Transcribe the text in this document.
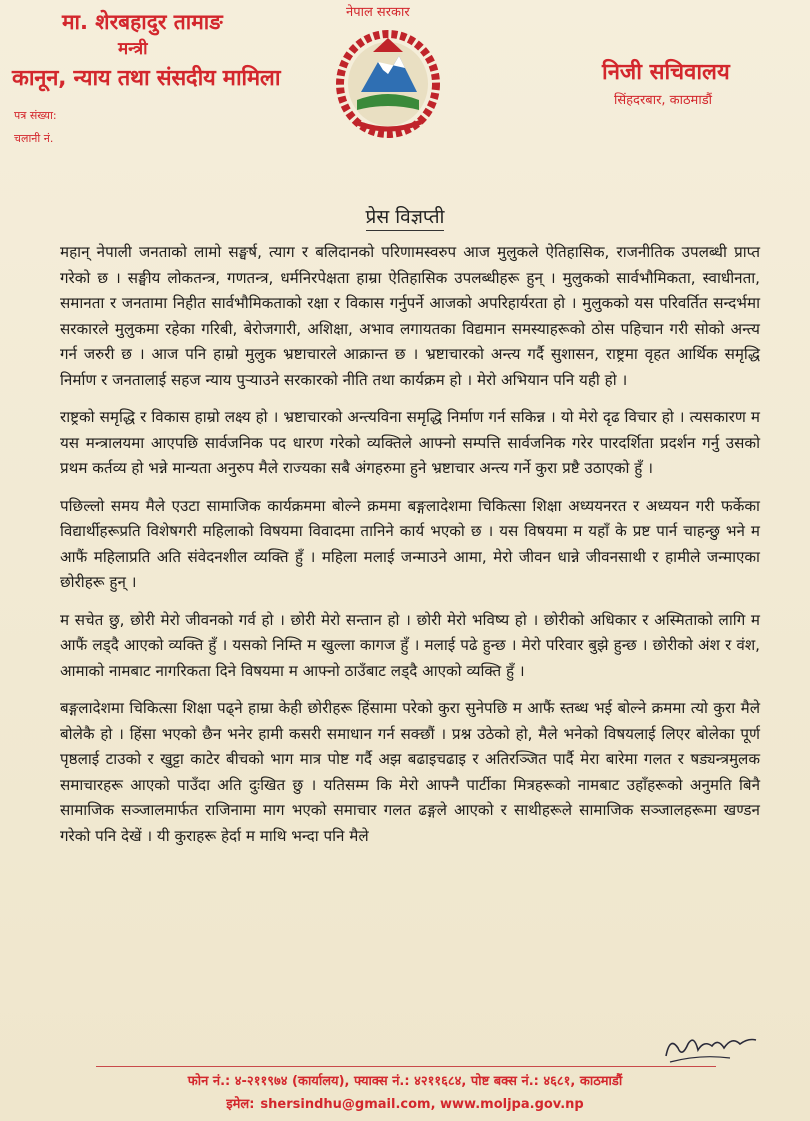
मा. शेरबहादुर तामाङ
मन्त्री
कानून, न्याय तथा संसदीय मामिला
पत्र संख्या:
चलानी नं.
नेपाल सरकार
निजी सचिवालय
सिंहदरबार, काठमाडौं
प्रेस विज्ञप्ती

महान् नेपाली जनताको लामो सङ्घर्ष, त्याग र बलिदानको परिणामस्वरुप आज मुलुकले ऐतिहासिक, राजनीतिक उपलब्धी प्राप्त गरेको छ । सङ्घीय लोकतन्त्र, गणतन्त्र, धर्मनिरपेक्षता हाम्रा ऐतिहासिक उपलब्धीहरू हुन् । मुलुकको सार्वभौमिकता, स्वाधीनता, समानता र जनतामा निहीत सार्वभौमिकताको रक्षा र विकास गर्नुपर्ने आजको अपरिहार्यरता हो । मुलुकको यस परिवर्तित सन्दर्भमा सरकारले मुलुकमा रहेका गरिबी, बेरोजगारी, अशिक्षा, अभाव लगायतका विद्यमान समस्याहरूको ठोस पहिचान गरी सोको अन्त्य गर्न जरुरी छ । आज पनि हाम्रो मुलुक भ्रष्टाचारले आक्रान्त छ । भ्रष्टाचारको अन्त्य गर्दै सुशासन, राष्ट्रमा वृहत आर्थिक समृद्धि निर्माण र जनतालाई सहज न्याय पुऱ्याउने सरकारको नीति तथा कार्यक्रम हो । मेरो अभियान पनि यही हो ।

राष्ट्रको समृद्धि र विकास हाम्रो लक्ष्य हो । भ्रष्टाचारको अन्त्यविना समृद्धि निर्माण गर्न सकिन्न । यो मेरो दृढ विचार हो । त्यसकारण म यस मन्त्रालयमा आएपछि सार्वजनिक पद धारण गरेको व्यक्तिले आफ्नो सम्पत्ति सार्वजनिक गरेर पारदर्शिता प्रदर्शन गर्नु उसको प्रथम कर्तव्य हो भन्ने मान्यता अनुरुप मैले राज्यका सबै अंगहरुमा हुने भ्रष्टाचार अन्त्य गर्ने कुरा प्रष्टै उठाएको हुँ ।

पछिल्लो समय मैले एउटा सामाजिक कार्यक्रममा बोल्ने क्रममा बङ्गलादेशमा चिकित्सा शिक्षा अध्ययनरत र अध्ययन गरी फर्केका विद्यार्थीहरूप्रति विशेषगरी महिलाको विषयमा विवादमा तानिने कार्य भएको छ । यस विषयमा म यहाँ के प्रष्ट पार्न चाहन्छु भने म आफैं महिलाप्रति अति संवेदनशील व्यक्ति हुँ । महिला मलाई जन्माउने आमा, मेरो जीवन धान्ने जीवनसाथी र हामीले जन्माएका छोरीहरू हुन् ।

म सचेत छु, छोरी मेरो जीवनको गर्व हो । छोरी मेरो सन्तान हो । छोरी मेरो भविष्य हो । छोरीको अधिकार र अस्मिताको लागि म आफैं लड्दै आएको व्यक्ति हुँ । यसको निम्ति म खुल्ला कागज हुँ । मलाई पढे हुन्छ । मेरो परिवार बुझे हुन्छ । छोरीको अंश र वंश, आमाको नामबाट नागरिकता दिने विषयमा म आफ्नो ठाउँबाट लड्दै आएको व्यक्ति हुँ ।

बङ्गलादेशमा चिकित्सा शिक्षा पढ्ने हाम्रा केही छोरीहरू हिंसामा परेको कुरा सुनेपछि म आफैं स्तब्ध भई बोल्ने क्रममा त्यो कुरा मैले बोलेकै हो । हिंसा भएको छैन भनेर हामी कसरी समाधान गर्न सक्छौं । प्रश्न उठेको हो, मैले भनेको विषयलाई लिएर बोलेका पूर्ण पृष्ठलाई टाउको र खुट्टा काटेर बीचको भाग मात्र पोष्ट गर्दै अझ बढाइचढाइ र अतिरञ्जित पार्दै मेरा बारेमा गलत र षड्यन्त्रमुलक समाचारहरू आएको पाउँदा अति दुःखित छु । यतिसम्म कि मेरो आफ्नै पार्टीका मित्रहरूको नामबाट उहाँहरूको अनुमति बिनै सामाजिक सञ्जालमार्फत राजिनामा माग भएको समाचार गलत ढङ्गले आएको र साथीहरूले सामाजिक सञ्जालहरूमा खण्डन गरेको पनि देखें । यी कुराहरू हेर्दा म माथि भन्दा पनि मैले

फोन नं.: ४-२११९७४ (कार्यालय), फ्याक्स नं.: ४२११६८४, पोष्ट बक्स नं.: ४६८१, काठमाडौं
इमेल: shersindhu@gmail.com, www.moljpa.gov.np
